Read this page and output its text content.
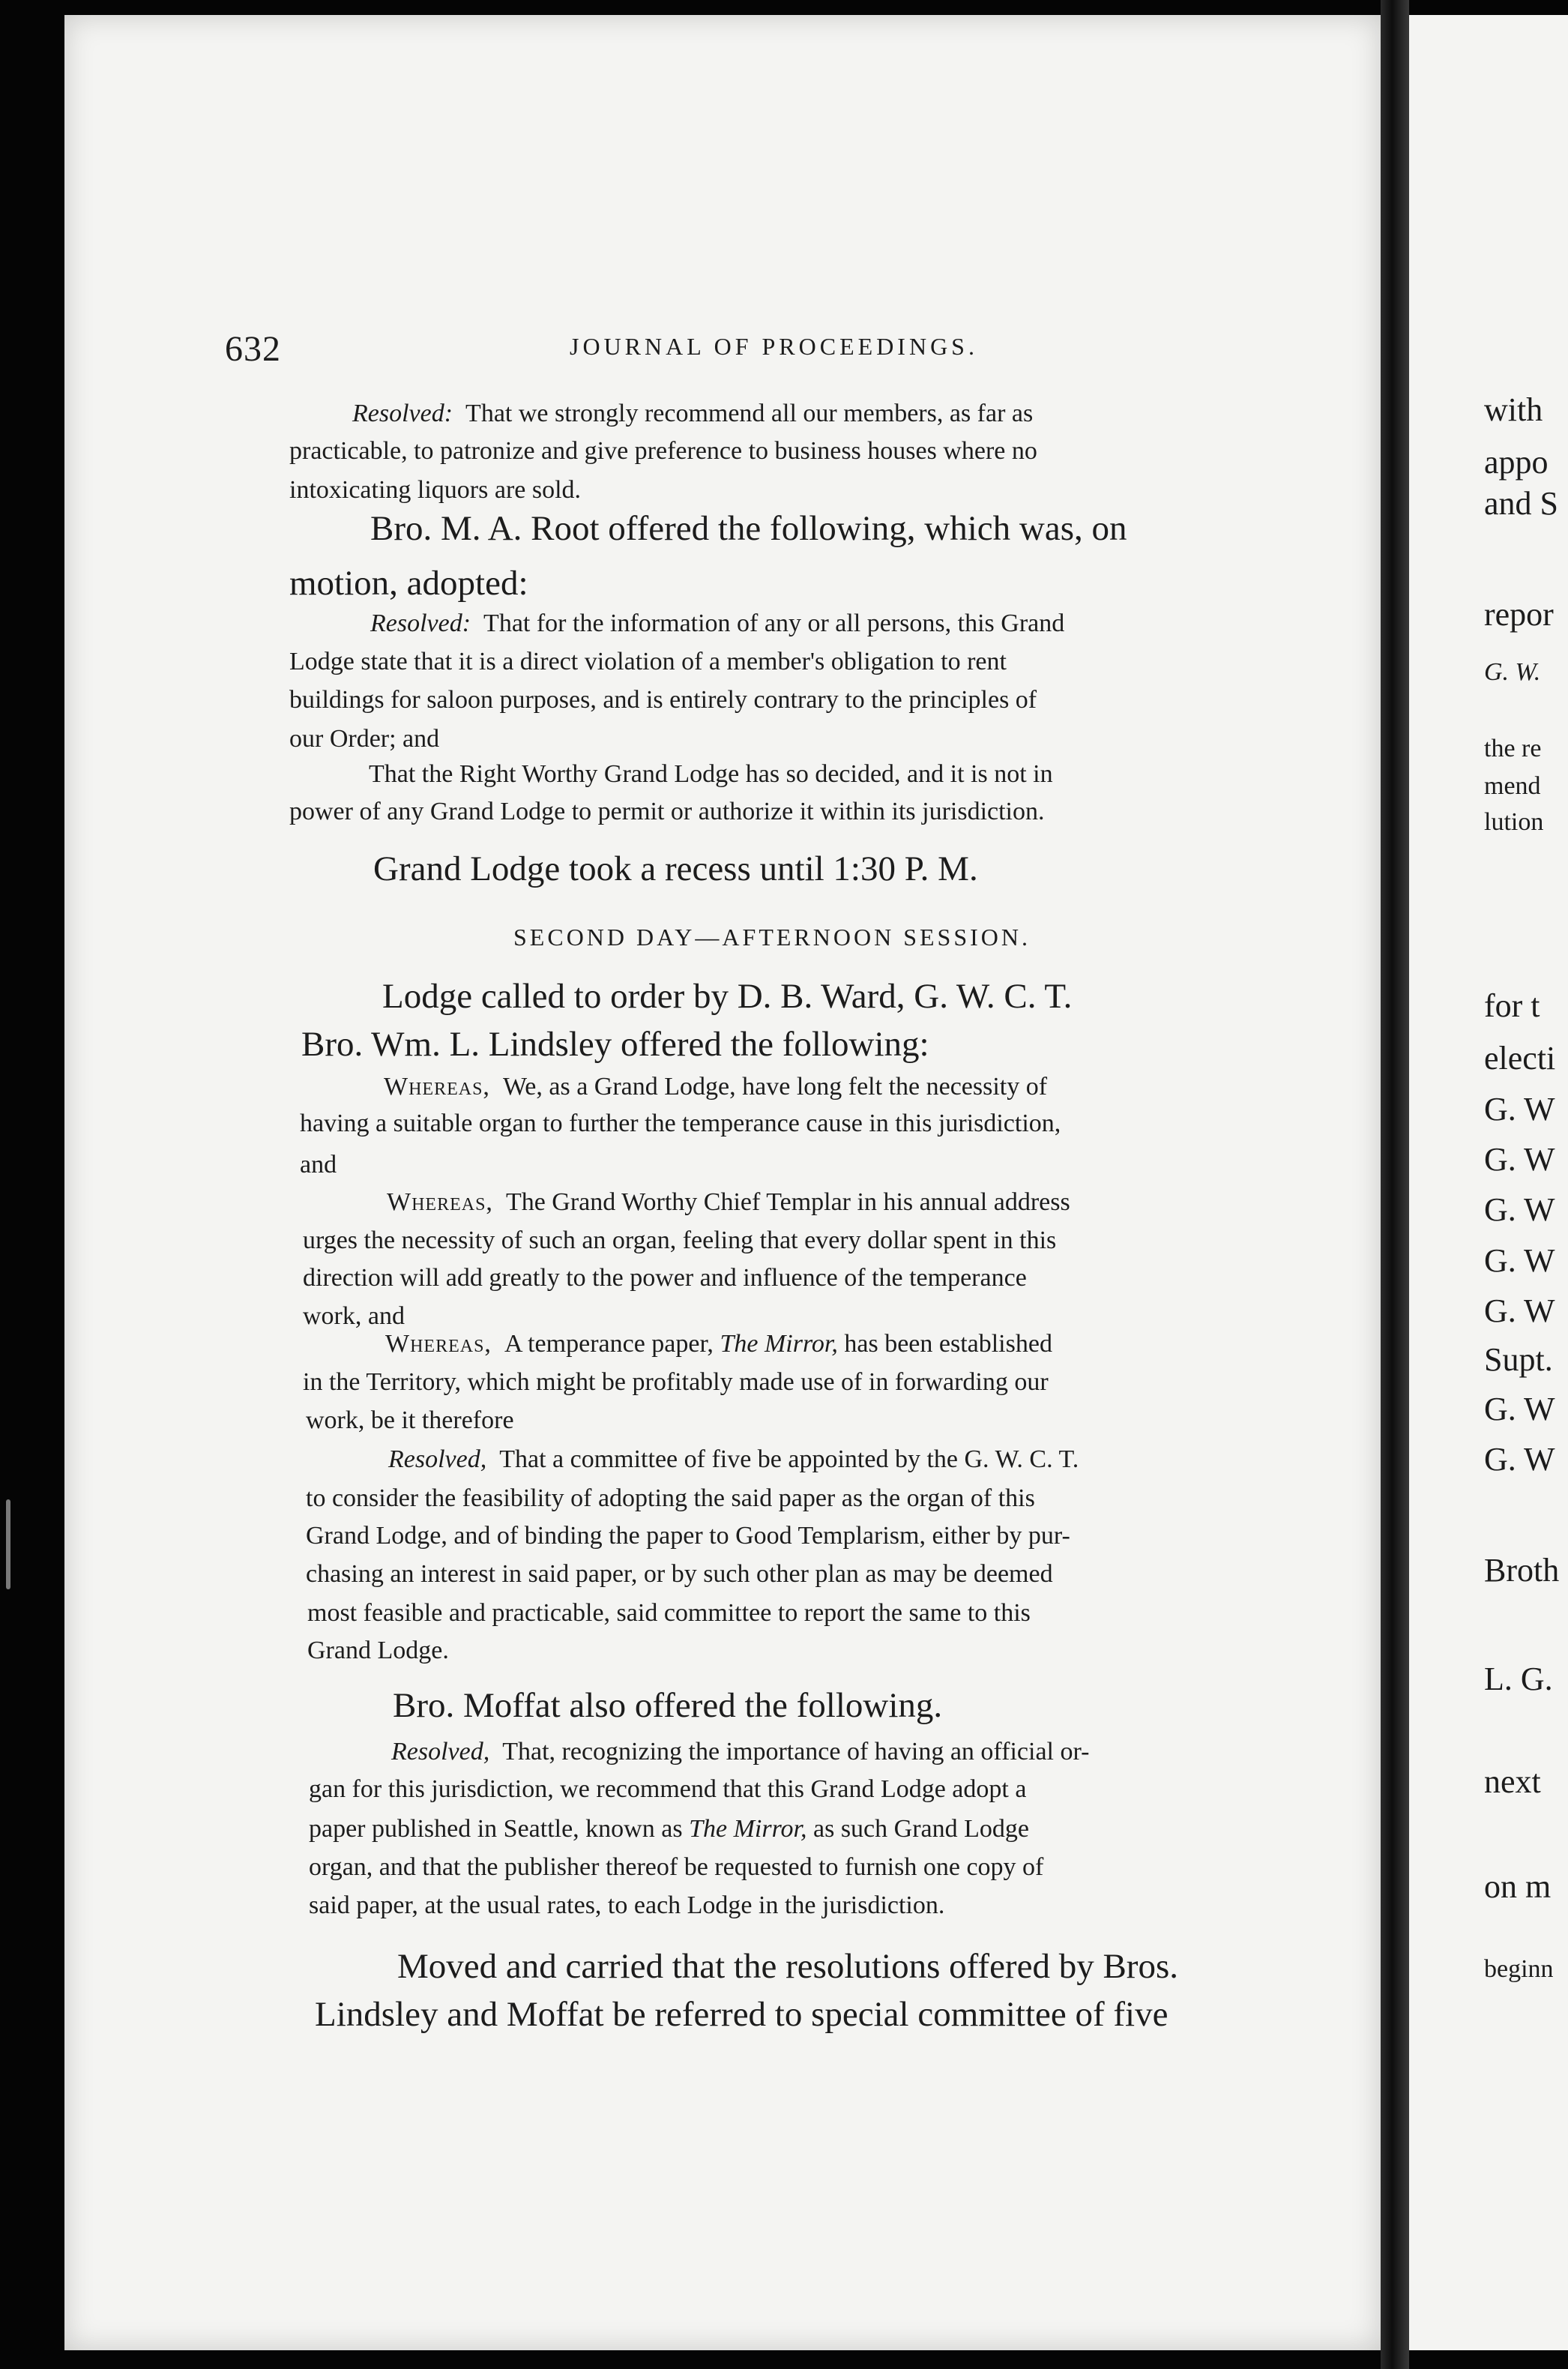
632	JOURNAL OF PROCEEDINGS.
Resolved: That we strongly recommend all our members, as far as
practicable, to patronize and give preference to business houses where no
intoxicating liquors are sold.
Bro. M. A. Root offered the following, which was, on
motion, adopted:
Resolved: That for the information of any or all persons, this Grand
Lodge state that it is a direct violation of a member's obligation to rent
buildings for saloon purposes, and is entirely contrary to the principles of
our Order; and
That the Right Worthy Grand Lodge has so decided, and it is not in
power of any Grand Lodge to permit or authorize it within its jurisdiction.
Grand Lodge took a recess until 1:30 P. M.
SECOND DAY—AFTERNOON SESSION.
Lodge called to order by D. B. Ward, G. W. C. T.
Bro. Wm. L. Lindsley offered the following:
Whereas, We, as a Grand Lodge, have long felt the necessity of
having a suitable organ to further the temperance cause in this jurisdiction,
and
Whereas, The Grand Worthy Chief Templar in his annual address
urges the necessity of such an organ, feeling that every dollar spent in this
direction will add greatly to the power and influence of the temperance
work, and
Whereas, A temperance paper, The Mirror, has been established
in the Territory, which might be profitably made use of in forwarding our
work, be it therefore
Resolved, That a committee of five be appointed by the G. W. C. T.
to consider the feasibility of adopting the said paper as the organ of this
Grand Lodge, and of binding the paper to Good Templarism, either by pur-
chasing an interest in said paper, or by such other plan as may be deemed
most feasible and practicable, said committee to report the same to this
Grand Lodge.
Bro. Moffat also offered the following.
Resolved, That, recognizing the importance of having an official or-
gan for this jurisdiction, we recommend that this Grand Lodge adopt a
paper published in Seattle, known as The Mirror, as such Grand Lodge
organ, and that the publisher thereof be requested to furnish one copy of
said paper, at the usual rates, to each Lodge in the jurisdiction.
Moved and carried that the resolutions offered by Bros.
Lindsley and Moffat be referred to special committee of five
with
appo
and S
repor
G. W.
the re
mend
lution
for t
electi
G. W
G. W
G. W
G. W
G. W
Supt.
G. W
G. W
Broth
L. G.
next
on m
beginn
